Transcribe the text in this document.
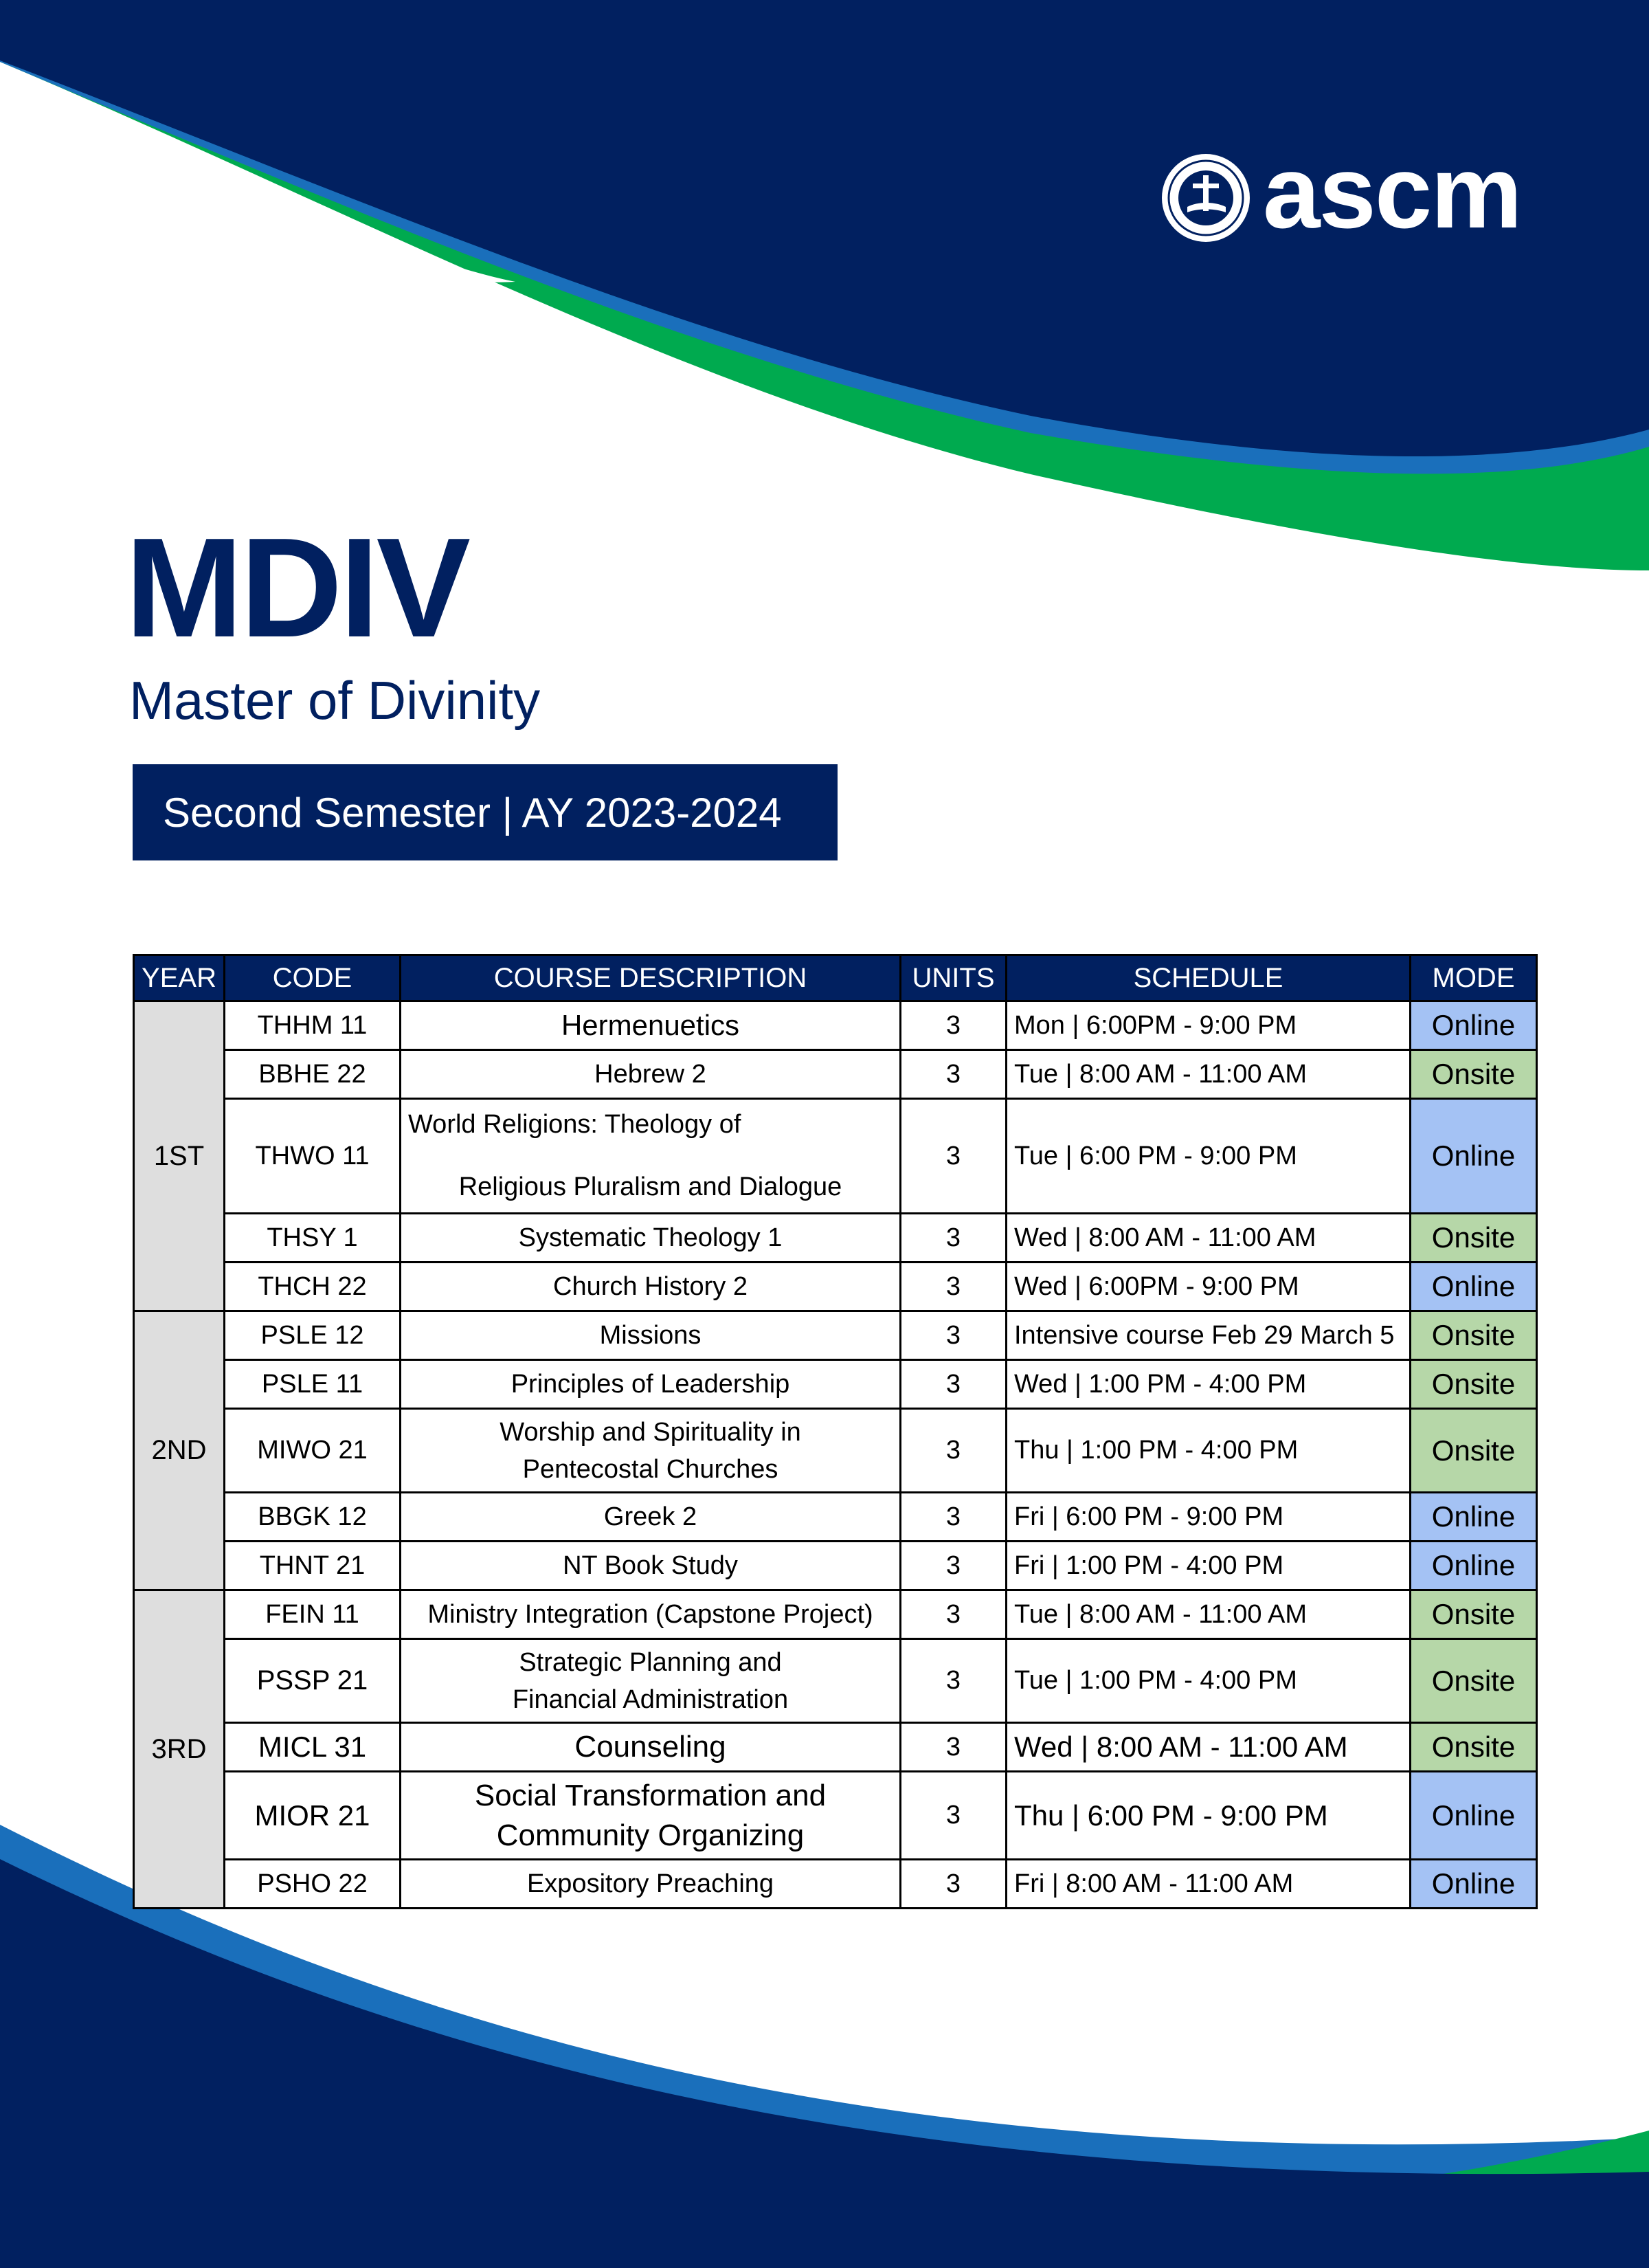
ascm
MDIV
Master of Divinity
Second Semester | AY 2023-2024
YEAR	CODE	COURSE DESCRIPTION	UNITS	SCHEDULE	MODE
1ST	THHM 11	Hermenuetics	3	Mon | 6:00PM - 9:00 PM	Online
	BBHE 22	Hebrew 2	3	Tue | 8:00 AM - 11:00 AM	Onsite
	THWO 11	World Religions: Theology of
Religious Pluralism and Dialogue	3	Tue | 6:00 PM - 9:00 PM	Online
	THSY 1	Systematic Theology 1	3	Wed | 8:00 AM - 11:00 AM	Onsite
	THCH 22	Church History 2	3	Wed | 6:00PM - 9:00 PM	Online
2ND	PSLE 12	Missions	3	Intensive course Feb 29 March 5	Onsite
	PSLE 11	Principles of Leadership	3	Wed | 1:00 PM - 4:00 PM	Onsite
	MIWO 21	Worship and Spirituality in
Pentecostal Churches	3	Thu | 1:00 PM - 4:00 PM	Onsite
	BBGK 12	Greek 2	3	Fri | 6:00 PM - 9:00 PM	Online
	THNT 21	NT Book Study	3	Fri | 1:00 PM - 4:00 PM	Online
3RD	FEIN 11	Ministry Integration (Capstone Project)	3	Tue | 8:00 AM - 11:00 AM	Onsite
	PSSP 21	Strategic Planning and
Financial Administration	3	Tue | 1:00 PM - 4:00 PM	Onsite
	MICL 31	Counseling	3	Wed | 8:00 AM - 11:00 AM	Onsite
	MIOR 21	Social Transformation and
Community Organizing	3	Thu | 6:00 PM - 9:00 PM	Online
	PSHO 22	Expository Preaching	3	Fri | 8:00 AM - 11:00 AM	Online
